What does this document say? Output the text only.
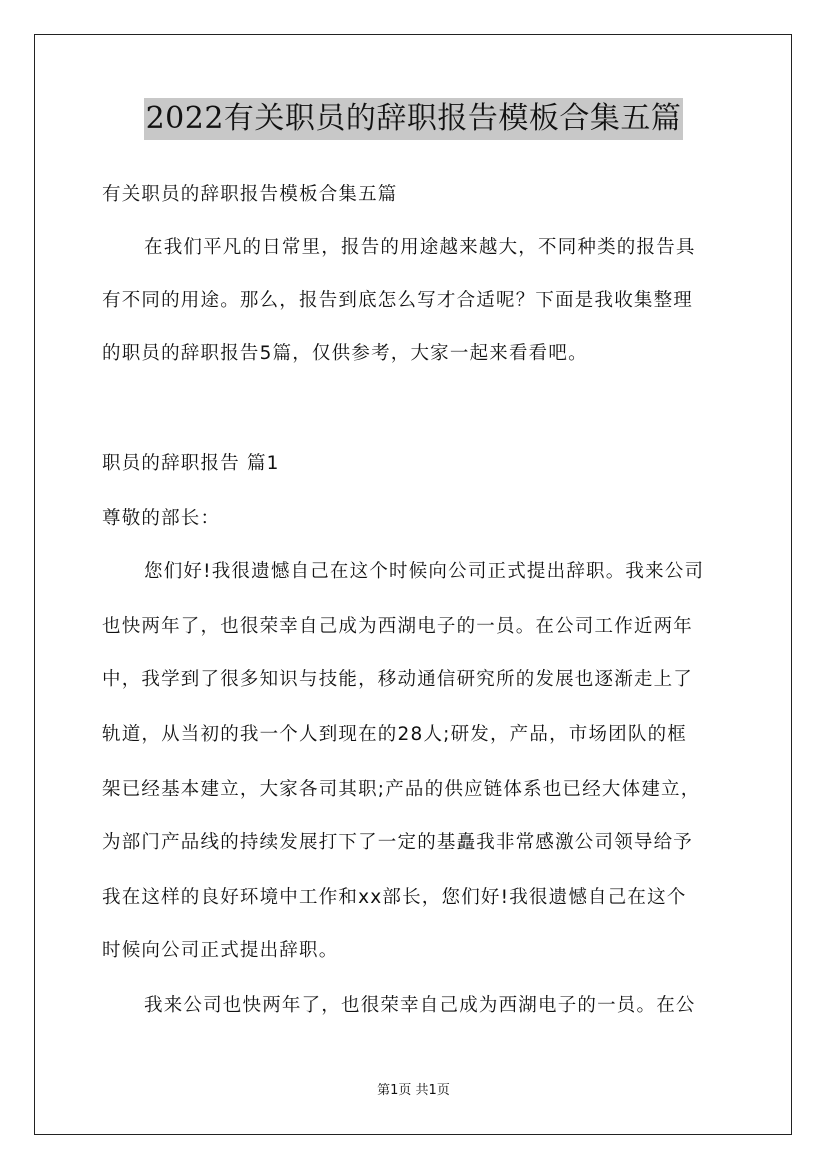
2022有关职员的辞职报告模板合集五篇
有关职员的辞职报告模板合集五篇
在我们平凡的日常里，报告的用途越来越大，不同种类的报告具
有不同的用途。那么，报告到底怎么写才合适呢？下面是我收集整理
的职员的辞职报告5篇，仅供参考，大家一起来看看吧。
职员的辞职报告 篇1
尊敬的部长：
您们好!我很遗憾自己在这个时候向公司正式提出辞职。我来公司
也快两年了，也很荣幸自己成为西湖电子的一员。在公司工作近两年
中，我学到了很多知识与技能，移动通信研究所的发展也逐渐走上了
轨道，从当初的我一个人到现在的28人;研发，产品，市场团队的框
架已经基本建立，大家各司其职;产品的供应链体系也已经大体建立，
为部门产品线的持续发展打下了一定的基矗我非常感激公司领导给予
我在这样的良好环境中工作和xx部长，您们好!我很遗憾自己在这个
时候向公司正式提出辞职。
我来公司也快两年了，也很荣幸自己成为西湖电子的一员。在公
第1页 共1页
